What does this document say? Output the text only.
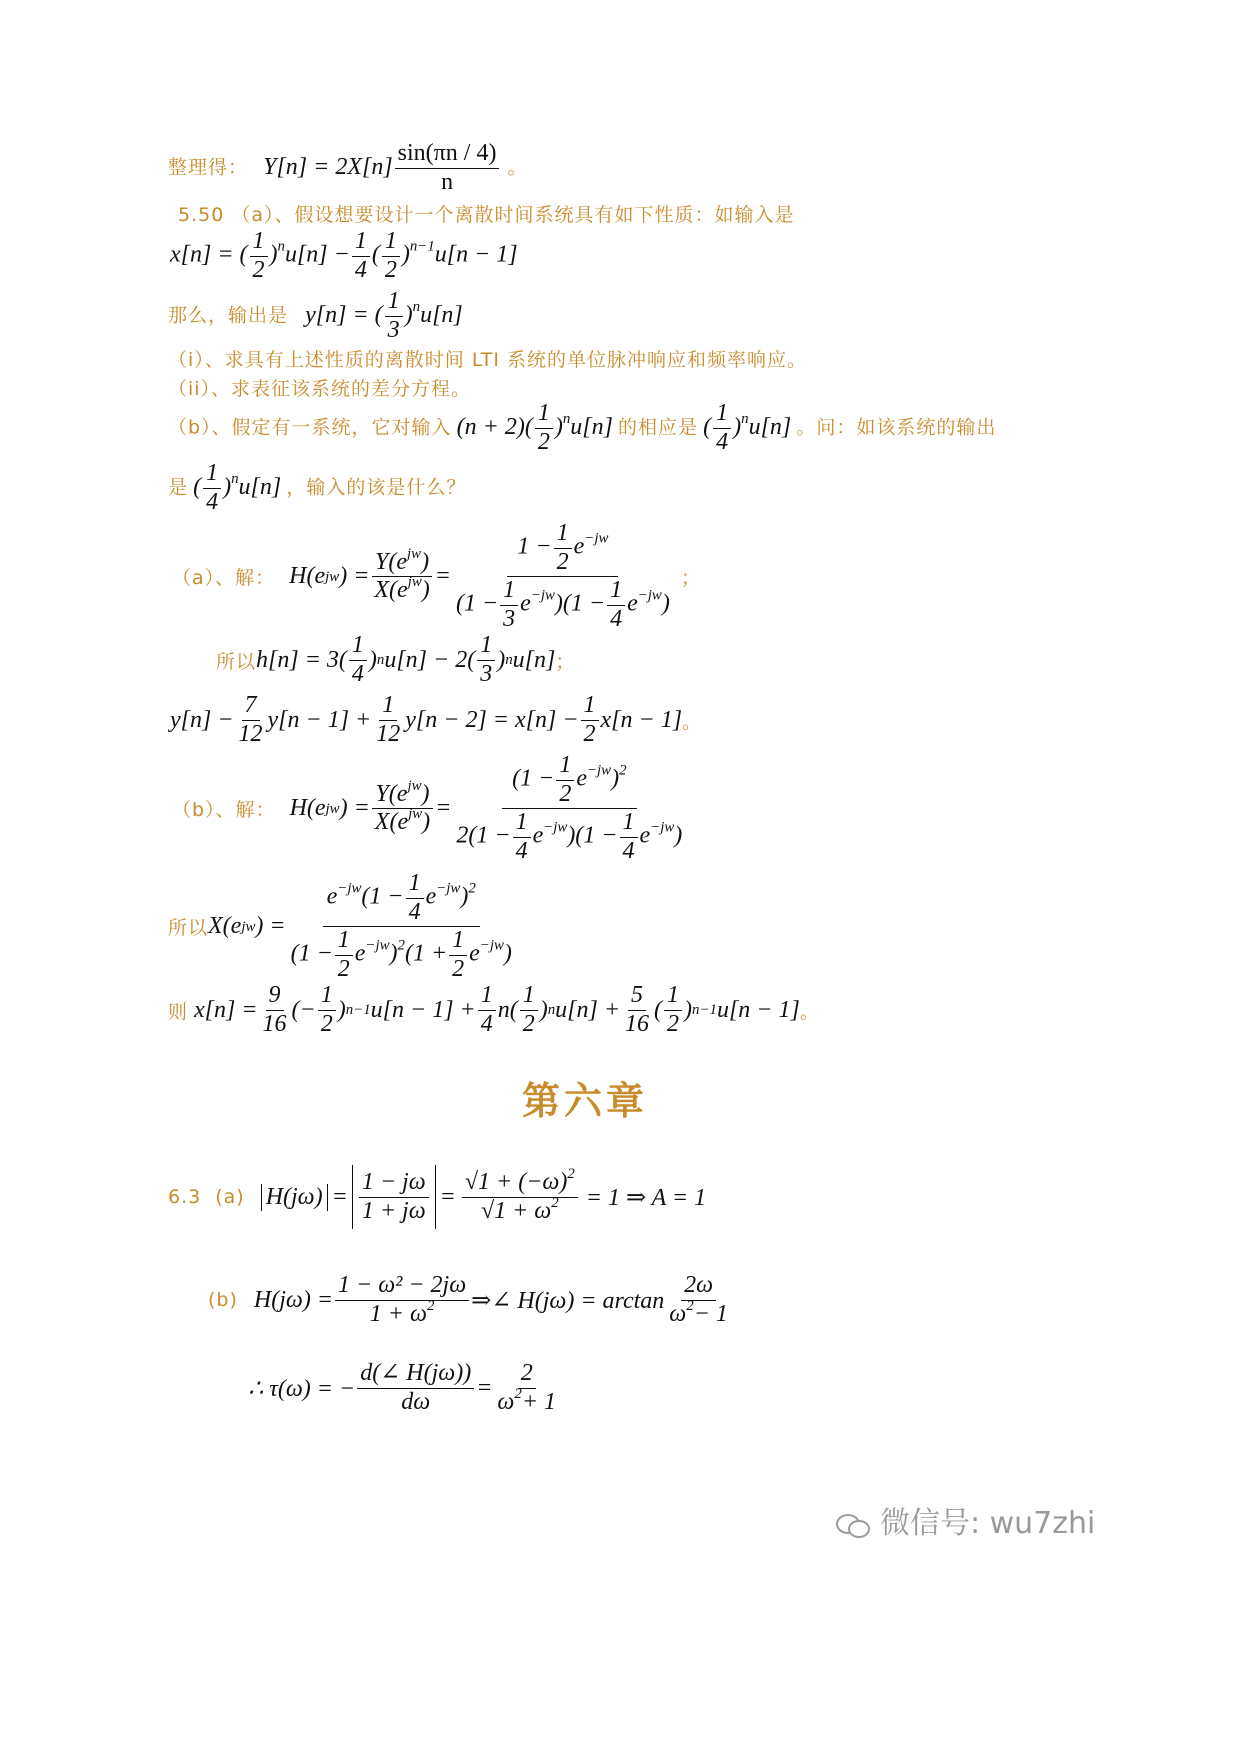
整理得： $Y[n] = 2X[n] \frac{\sin(\pi n / 4)}{n}$ 。
5.50 （a）、假设想要设计一个离散时间系统具有如下性质：如输入是
x[n] = ( $\frac{1}{2} )^nu[n] - \frac{1}{4}$ ( $\frac{1}{2} )^{n-1}u[n - 1]$
那么，输出是 y[n] = ( $\frac{1}{3} )^nu[n]$
（i）、求具有上述性质的离散时间 LTI 系统的单位脉冲响应和频率响应。
（ii）、求表征该系统的差分方程。
（b）、假定有一系统，它对输入 $(n + 2)( \frac{1}{2} )^nu[n]$ 的相应是 ( $\frac{1}{4} )^nu[n]$ 。问：如该系统的输出
是 ( $\frac{1}{4} )^nu[n]$ ，输入的该是什么？
（a）、解： H(e jw ) = $\frac{Y(e^{jw})}{X(e^{jw})} = \frac{1 - \frac{1}{2} e^{-jw}}{(1 - \frac{1}{3} e^{-jw})(1 - \frac{1}{4} e^{-jw})}$ ；
所以 $h[n] = 3( \frac{1}{4}$ ) n $u[n] - 2( \frac{1}{3}$ ) n u[n] ；
$y[n] - \frac{7}{12} y[n - 1] + \frac{1}{12} y[n - 2] = x[n] - \frac{1}{2} x[n - 1]$ 。
（b）、解： H(e jw ) = $\frac{Y(e^{jw})}{X(e^{jw})} = \frac{(1 - \frac{1}{2} e^{-jw})^2}{2(1 - \frac{1}{4} e^{-jw})(1 - \frac{1}{4} e^{-jw})}$
所以 X(e jw ) = $\frac{e^{-jw}(1 - \frac{1}{4} e^{-jw})^2}{(1 - \frac{1}{2} e^{-jw})^2(1 + \frac{1}{2} e^{-jw})}$
则 $x[n] = \frac{9}{16}$ (− $\frac{1}{2}$ ) n−1 $u[n - 1] + \frac{1}{4} n( \frac{1}{2}$ ) n $u[n] + \frac{5}{16}$ ( $\frac{1}{2}$ ) n−1 u[n − 1] 。
第六章
6.3 (a) $H(j\omega) = \frac{1 - j\omega}{1 + j\omega} = \frac{√1 + (-\omega)^2}{√1 + \omega^2} = 1$ ⇒ A = 1
(b) $H(j\omega) = \frac{\text{1 − ω² − 2jω}}{1 + \omega^2}$ ⇒∠ $H(j\omega) = \arctan \frac{2\omega}{\omega^2- 1}$
∴ τ(ω) = − $\frac{d(\angle H(j\omega))}{d\omega} = \frac{2}{\omega^2+ 1}$
微信号: wu7zhi
